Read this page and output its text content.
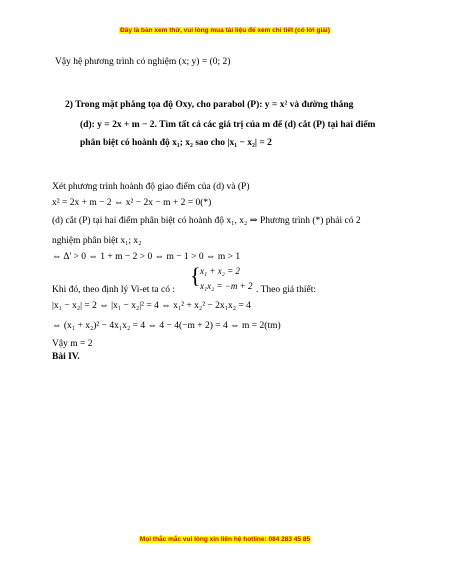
Đây là bản xem thử, vui lòng mua tài liệu để xem chi tiết (có lời giải)
Vậy hệ phương trình có nghiệm (x; y) = (0; 2)
2) Trong mặt phẳng tọa độ Oxy, cho parabol (P): y = x² và đường thẳng
(d): y = 2x + m − 2. Tìm tất cả các giá trị của m để (d) cắt (P) tại hai điểm
phân biệt có hoành độ x₁; x₂ sao cho |x₁ − x₂| = 2
Xét phương trình hoành độ giao điểm của (d) và (P)
x² = 2x + m − 2 ⇔ x² − 2x − m + 2 = 0(*)
(d) cắt (P) tại hai điểm phân biệt có hoành độ x₁, x₂ ⇒ Phương trình (*) phải có 2
nghiệm phân biệt x₁; x₂
⇔ Δ' > 0 ⇔ 1 + m − 2 > 0 ⇔ m − 1 > 0 ⇔ m > 1
Khi đó, theo định lý Vi-et ta có :
{ x₁ + x₂ = 2
x₁x₂ = −m + 2 . Theo giả thiết:
|x₁ − x₂| = 2 ⇔ |x₁ − x₂|² = 4 ⇔ x₁² + x₂² − 2x₁x₂ = 4
⇔ (x₁ + x₂)² − 4x₁x₂ = 4 ⇔ 4 − 4(−m + 2) = 4 ⇔ m = 2(tm)
Vậy m = 2
Bài IV.
Mọi thắc mắc vui lòng xin liên hệ hotline: 084 283 45 85
